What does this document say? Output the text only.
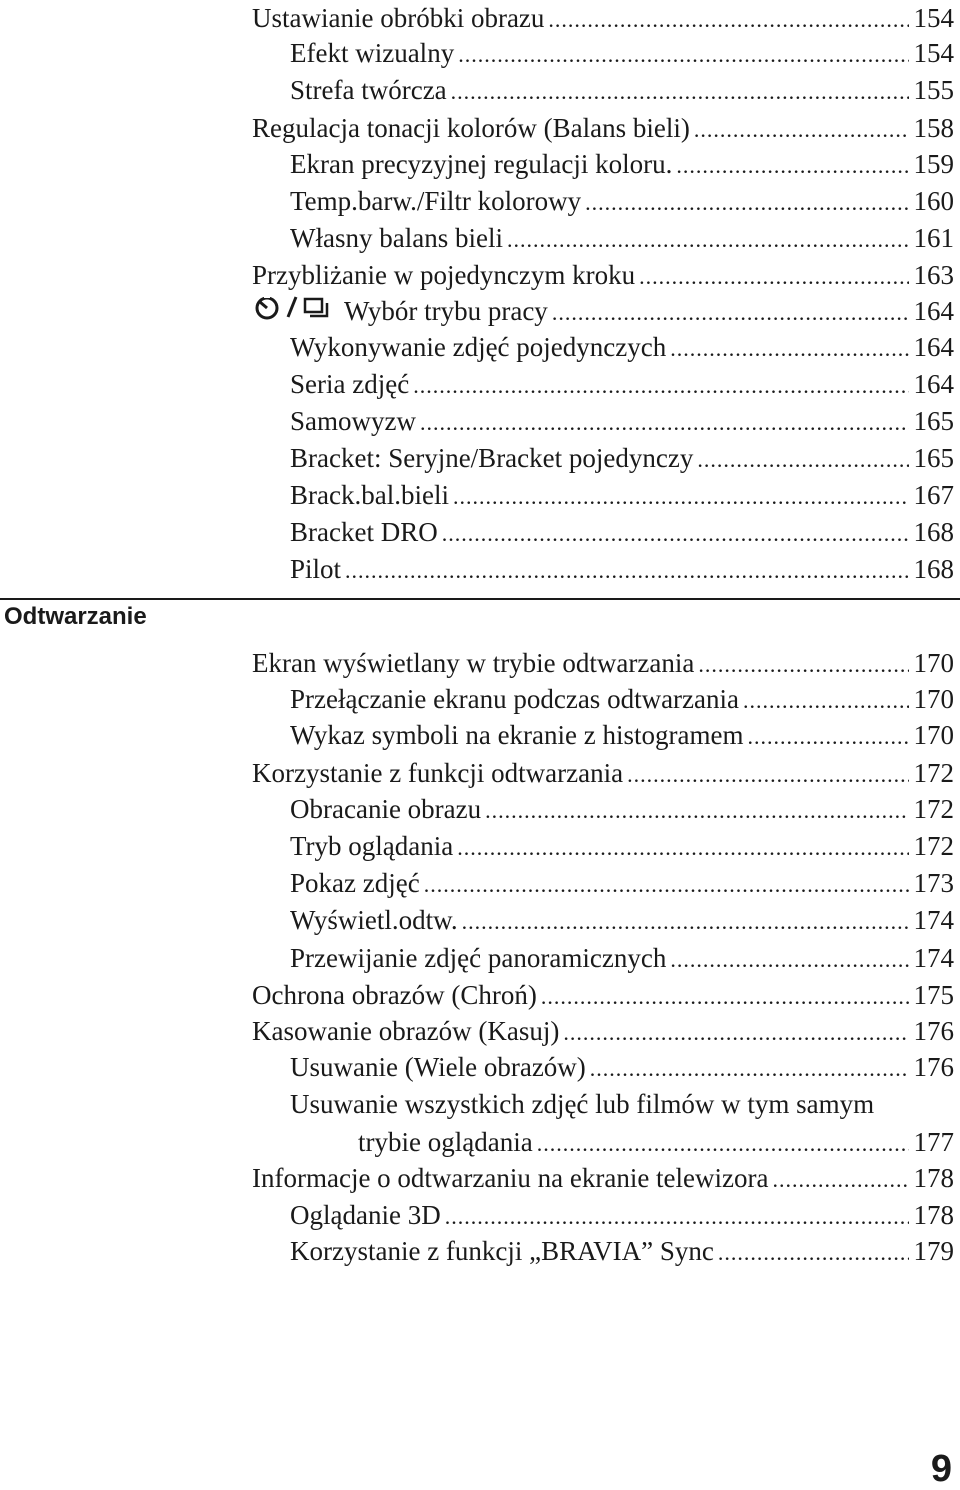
Ustawianie obróbki obrazu .....	154
Efekt wizualny .....	154
Strefa twórcza .....	155
Regulacja tonacji kolorów (Balans bieli) .....	158
Ekran precyzyjnej regulacji koloru. .....	159
Temp.barw./Filtr kolorowy .....	160
Własny balans bieli .....	161
Przybliżanie w pojedynczym kroku .....	163
Wybór trybu pracy .....	164
Wykonywanie zdjęć pojedynczych .....	164
Seria zdjęć .....	164
Samowyzw .....	165
Bracket: Seryjne/Bracket pojedynczy .....	165
Brack.bal.bieli .....	167
Bracket DRO .....	168
Pilot .....	168
Odtwarzanie
Ekran wyświetlany w trybie odtwarzania .....	170
Przełączanie ekranu podczas odtwarzania .....	170
Wykaz symboli na ekranie z histogramem .....	170
Korzystanie z funkcji odtwarzania .....	172
Obracanie obrazu .....	172
Tryb oglądania .....	172
Pokaz zdjęć .....	173
Wyświetl.odtw. .....	174
Przewijanie zdjęć panoramicznych .....	174
Ochrona obrazów (Chroń) .....	175
Kasowanie obrazów (Kasuj) .....	176
Usuwanie (Wiele obrazów) .....	176
Usuwanie wszystkich zdjęć lub filmów w tym samym
trybie oglądania .....	177
Informacje o odtwarzaniu na ekranie telewizora .....	178
Oglądanie 3D .....	178
Korzystanie z funkcji „BRAVIA” Sync .....	179
9
